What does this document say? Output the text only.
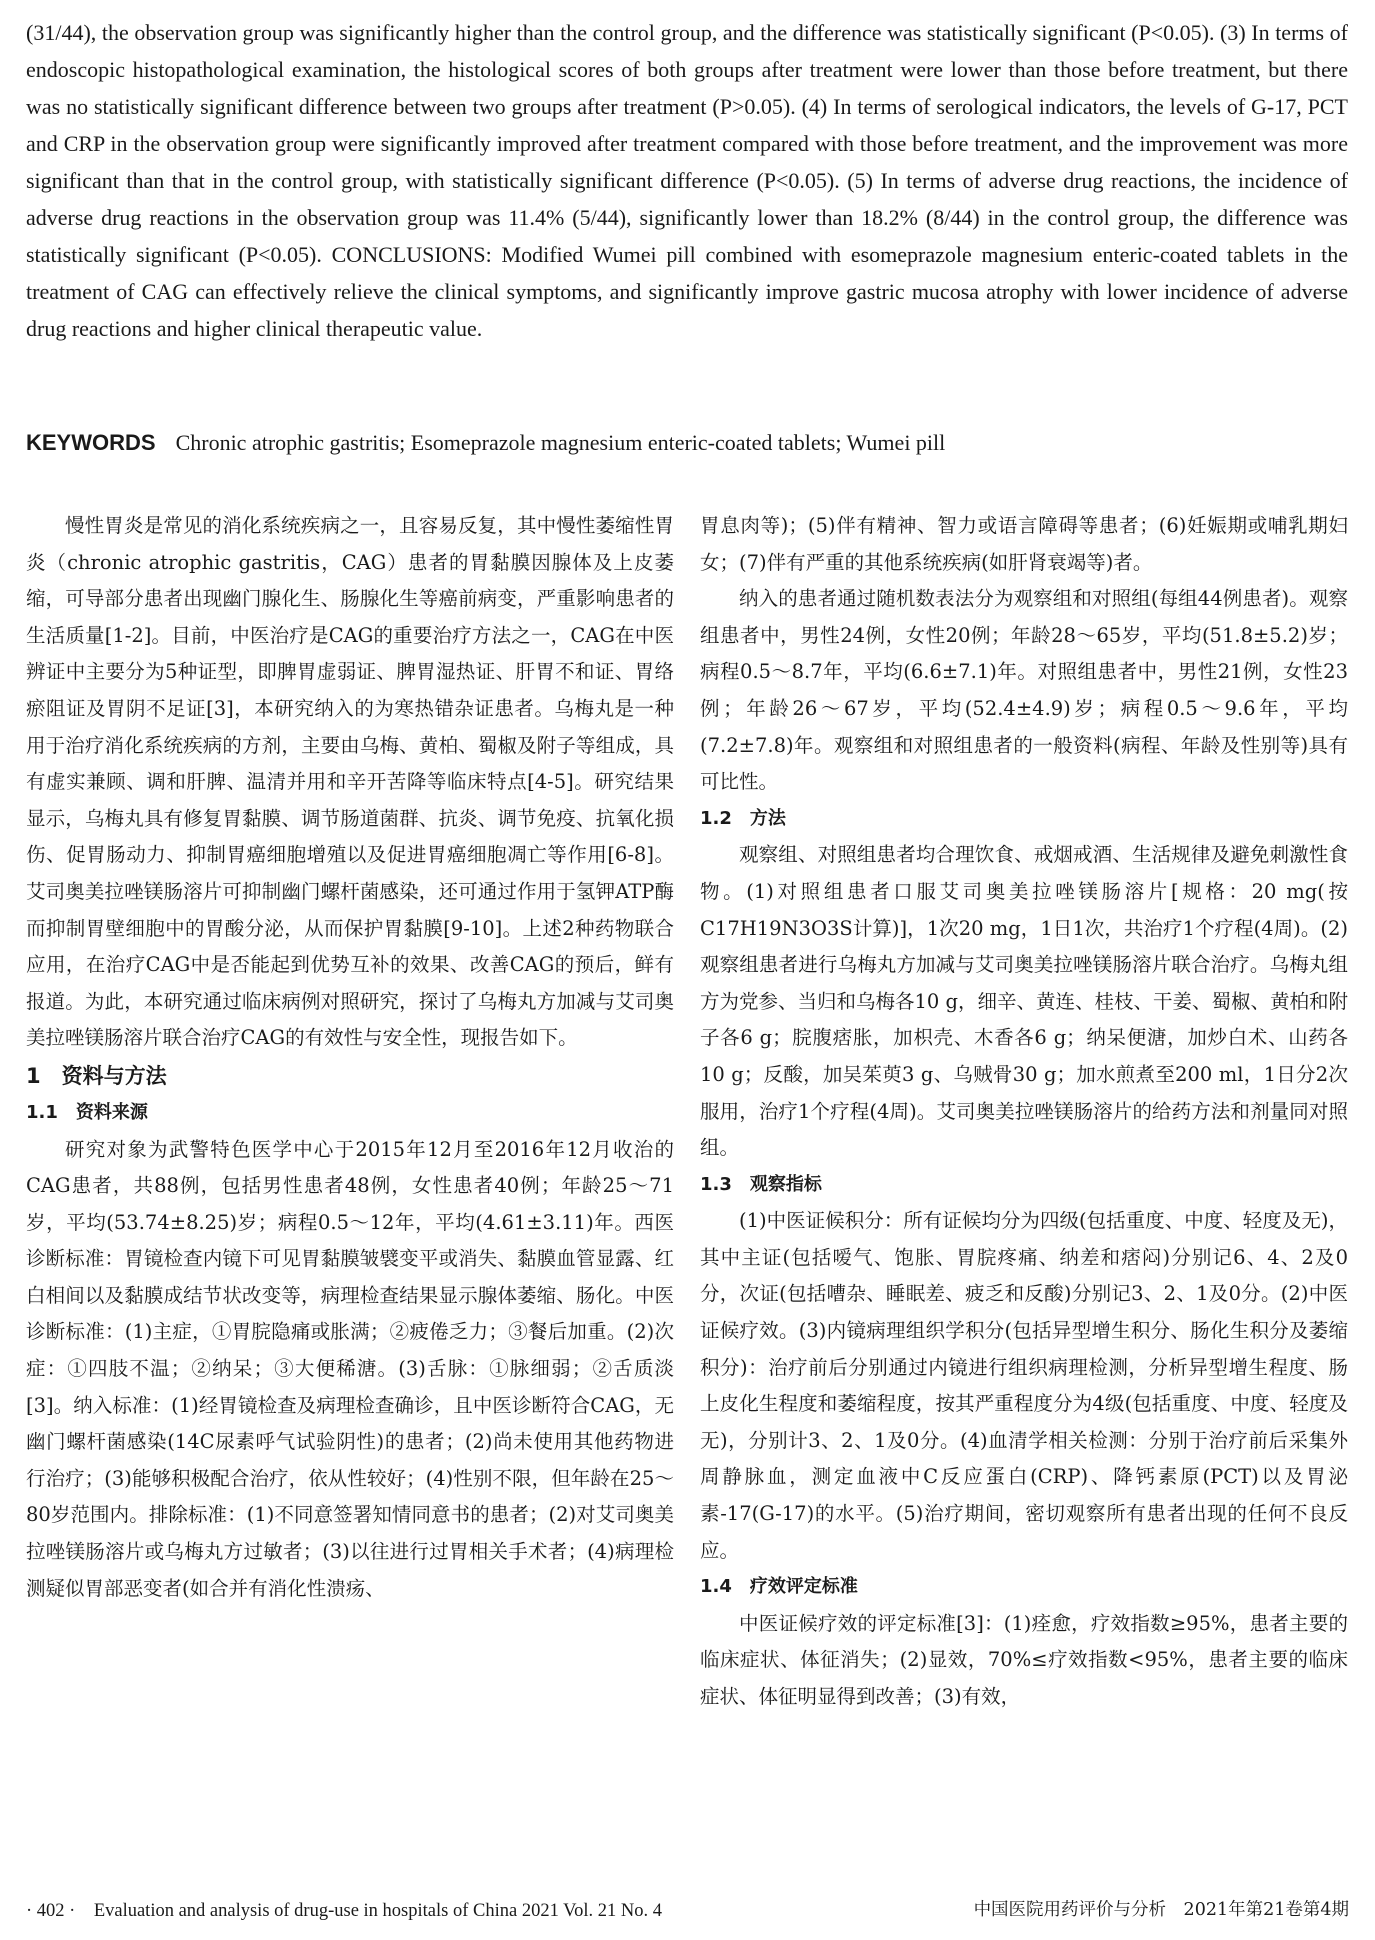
(31/44), the observation group was significantly higher than the control group, and the difference was statistically significant (P<0.05). (3) In terms of endoscopic histopathological examination, the histological scores of both groups after treatment were lower than those before treatment, but there was no statistically significant difference between two groups after treatment (P>0.05). (4) In terms of serological indicators, the levels of G-17, PCT and CRP in the observation group were significantly improved after treatment compared with those before treatment, and the improvement was more significant than that in the control group, with statistically significant difference (P<0.05). (5) In terms of adverse drug reactions, the incidence of adverse drug reactions in the observation group was 11.4% (5/44), significantly lower than 18.2% (8/44) in the control group, the difference was statistically significant (P<0.05). CONCLUSIONS: Modified Wumei pill combined with esomeprazole magnesium enteric-coated tablets in the treatment of CAG can effectively relieve the clinical symptoms, and significantly improve gastric mucosa atrophy with lower incidence of adverse drug reactions and higher clinical therapeutic value.

KEYWORDS Chronic atrophic gastritis; Esomeprazole magnesium enteric-coated tablets; Wumei pill

慢性胃炎是常见的消化系统疾病之一，且容易反复，其中慢性萎缩性胃炎（chronic atrophic gastritis，CAG）患者的胃黏膜因腺体及上皮萎缩，可导部分患者出现幽门腺化生、肠腺化生等癌前病变，严重影响患者的生活质量[1-2]。目前，中医治疗是CAG的重要治疗方法之一，CAG在中医辨证中主要分为5种证型，即脾胃虚弱证、脾胃湿热证、肝胃不和证、胃络瘀阻证及胃阴不足证[3]，本研究纳入的为寒热错杂证患者。乌梅丸是一种用于治疗消化系统疾病的方剂，主要由乌梅、黄柏、蜀椒及附子等组成，具有虚实兼顾、调和肝脾、温清并用和辛开苦降等临床特点[4-5]。研究结果显示，乌梅丸具有修复胃黏膜、调节肠道菌群、抗炎、调节免疫、抗氧化损伤、促胃肠动力、抑制胃癌细胞增殖以及促进胃癌细胞凋亡等作用[6-8]。艾司奥美拉唑镁肠溶片可抑制幽门螺杆菌感染，还可通过作用于氢钾ATP酶而抑制胃壁细胞中的胃酸分泌，从而保护胃黏膜[9-10]。上述2种药物联合应用，在治疗CAG中是否能起到优势互补的效果、改善CAG的预后，鲜有报道。为此，本研究通过临床病例对照研究，探讨了乌梅丸方加减与艾司奥美拉唑镁肠溶片联合治疗CAG的有效性与安全性，现报告如下。

1　资料与方法
1.1　资料来源

研究对象为武警特色医学中心于2015年12月至2016年12月收治的CAG患者，共88例，包括男性患者48例，女性患者40例；年龄25～71岁，平均(53.74±8.25)岁；病程0.5～12年，平均(4.61±3.11)年。西医诊断标准：胃镜检查内镜下可见胃黏膜皱襞变平或消失、黏膜血管显露、红白相间以及黏膜成结节状改变等，病理检查结果显示腺体萎缩、肠化。中医诊断标准：(1)主症，①胃脘隐痛或胀满；②疲倦乏力；③餐后加重。(2)次症：①四肢不温；②纳呆；③大便稀溏。(3)舌脉：①脉细弱；②舌质淡[3]。纳入标准：(1)经胃镜检查及病理检查确诊，且中医诊断符合CAG，无幽门螺杆菌感染(14C尿素呼气试验阴性)的患者；(2)尚未使用其他药物进行治疗；(3)能够积极配合治疗，依从性较好；(4)性别不限，但年龄在25～80岁范围内。排除标准：(1)不同意签署知情同意书的患者；(2)对艾司奥美拉唑镁肠溶片或乌梅丸方过敏者；(3)以往进行过胃相关手术者；(4)病理检测疑似胃部恶变者(如合并有消化性溃疡、

胃息肉等)；(5)伴有精神、智力或语言障碍等患者；(6)妊娠期或哺乳期妇女；(7)伴有严重的其他系统疾病(如肝肾衰竭等)者。

纳入的患者通过随机数表法分为观察组和对照组(每组44例患者)。观察组患者中，男性24例，女性20例；年龄28～65岁，平均(51.8±5.2)岁；病程0.5～8.7年，平均(6.6±7.1)年。对照组患者中，男性21例，女性23例；年龄26～67岁，平均(52.4±4.9)岁；病程0.5～9.6年，平均(7.2±7.8)年。观察组和对照组患者的一般资料(病程、年龄及性别等)具有可比性。

1.2　方法

观察组、对照组患者均合理饮食、戒烟戒酒、生活规律及避免刺激性食物。(1)对照组患者口服艾司奥美拉唑镁肠溶片[规格：20 mg(按C17H19N3O3S计算)]，1次20 mg，1日1次，共治疗1个疗程(4周)。(2)观察组患者进行乌梅丸方加减与艾司奥美拉唑镁肠溶片联合治疗。乌梅丸组方为党参、当归和乌梅各10 g，细辛、黄连、桂枝、干姜、蜀椒、黄柏和附子各6 g；脘腹痞胀，加枳壳、木香各6 g；纳呆便溏，加炒白术、山药各10 g；反酸，加吴茱萸3 g、乌贼骨30 g；加水煎煮至200 ml，1日分2次服用，治疗1个疗程(4周)。艾司奥美拉唑镁肠溶片的给药方法和剂量同对照组。

1.3　观察指标

(1)中医证候积分：所有证候均分为四级(包括重度、中度、轻度及无)，其中主证(包括嗳气、饱胀、胃脘疼痛、纳差和痞闷)分别记6、4、2及0分，次证(包括嘈杂、睡眠差、疲乏和反酸)分别记3、2、1及0分。(2)中医证候疗效。(3)内镜病理组织学积分(包括异型增生积分、肠化生积分及萎缩积分)：治疗前后分别通过内镜进行组织病理检测，分析异型增生程度、肠上皮化生程度和萎缩程度，按其严重程度分为4级(包括重度、中度、轻度及无)，分别计3、2、1及0分。(4)血清学相关检测：分别于治疗前后采集外周静脉血，测定血液中C反应蛋白(CRP)、降钙素原(PCT)以及胃泌素-17(G-17)的水平。(5)治疗期间，密切观察所有患者出现的任何不良反应。

1.4　疗效评定标准

中医证候疗效的评定标准[3]：(1)痊愈，疗效指数≥95%，患者主要的临床症状、体征消失；(2)显效，70%≤疗效指数<95%，患者主要的临床症状、体征明显得到改善；(3)有效，

· 402 ·　Evaluation and analysis of drug-use in hospitals of China 2021 Vol. 21 No. 4	中国医院用药评价与分析　2021年第21卷第4期
